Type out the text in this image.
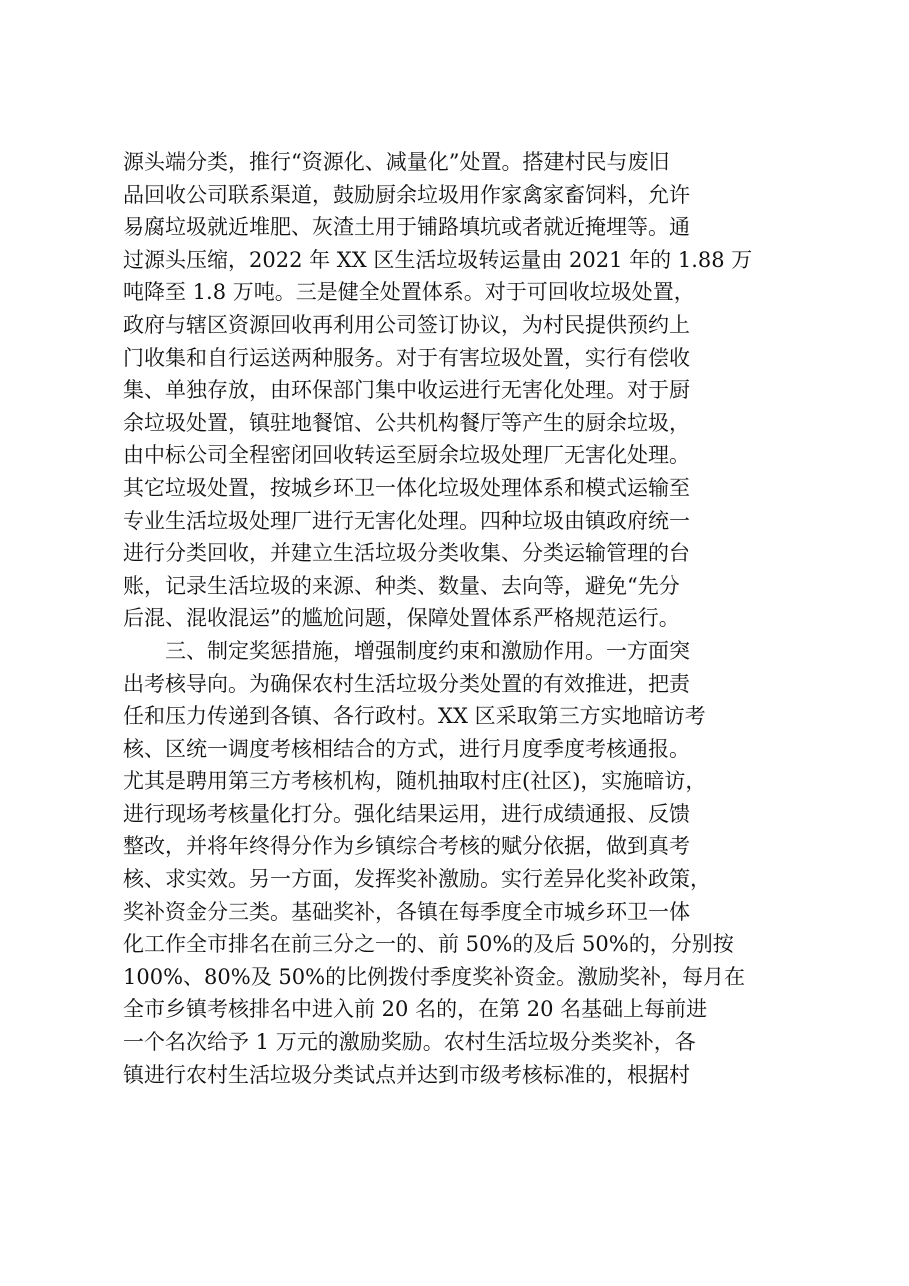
源头端分类，推行“资源化、减量化”处置。搭建村民与废旧
品回收公司联系渠道，鼓励厨余垃圾用作家禽家畜饲料，允许
易腐垃圾就近堆肥、灰渣土用于铺路填坑或者就近掩埋等。通
过源头压缩，2022 年 XX 区生活垃圾转运量由 2021 年的 1.88 万
吨降至 1.8 万吨。三是健全处置体系。对于可回收垃圾处置，
政府与辖区资源回收再利用公司签订协议，为村民提供预约上
门收集和自行运送两种服务。对于有害垃圾处置，实行有偿收
集、单独存放，由环保部门集中收运进行无害化处理。对于厨
余垃圾处置，镇驻地餐馆、公共机构餐厅等产生的厨余垃圾，
由中标公司全程密闭回收转运至厨余垃圾处理厂无害化处理。
其它垃圾处置，按城乡环卫一体化垃圾处理体系和模式运输至
专业生活垃圾处理厂进行无害化处理。四种垃圾由镇政府统一
进行分类回收，并建立生活垃圾分类收集、分类运输管理的台
账，记录生活垃圾的来源、种类、数量、去向等，避免“先分
后混、混收混运”的尴尬问题，保障处置体系严格规范运行。
三、制定奖惩措施，增强制度约束和激励作用。一方面突
出考核导向。为确保农村生活垃圾分类处置的有效推进，把责
任和压力传递到各镇、各行政村。XX 区采取第三方实地暗访考
核、区统一调度考核相结合的方式，进行月度季度考核通报。
尤其是聘用第三方考核机构，随机抽取村庄(社区)，实施暗访，
进行现场考核量化打分。强化结果运用，进行成绩通报、反馈
整改，并将年终得分作为乡镇综合考核的赋分依据，做到真考
核、求实效。另一方面，发挥奖补激励。实行差异化奖补政策，
奖补资金分三类。基础奖补，各镇在每季度全市城乡环卫一体
化工作全市排名在前三分之一的、前 50%的及后 50%的，分别按
100%、80%及 50%的比例拨付季度奖补资金。激励奖补，每月在
全市乡镇考核排名中进入前 20 名的，在第 20 名基础上每前进
一个名次给予 1 万元的激励奖励。农村生活垃圾分类奖补，各
镇进行农村生活垃圾分类试点并达到市级考核标准的，根据村
